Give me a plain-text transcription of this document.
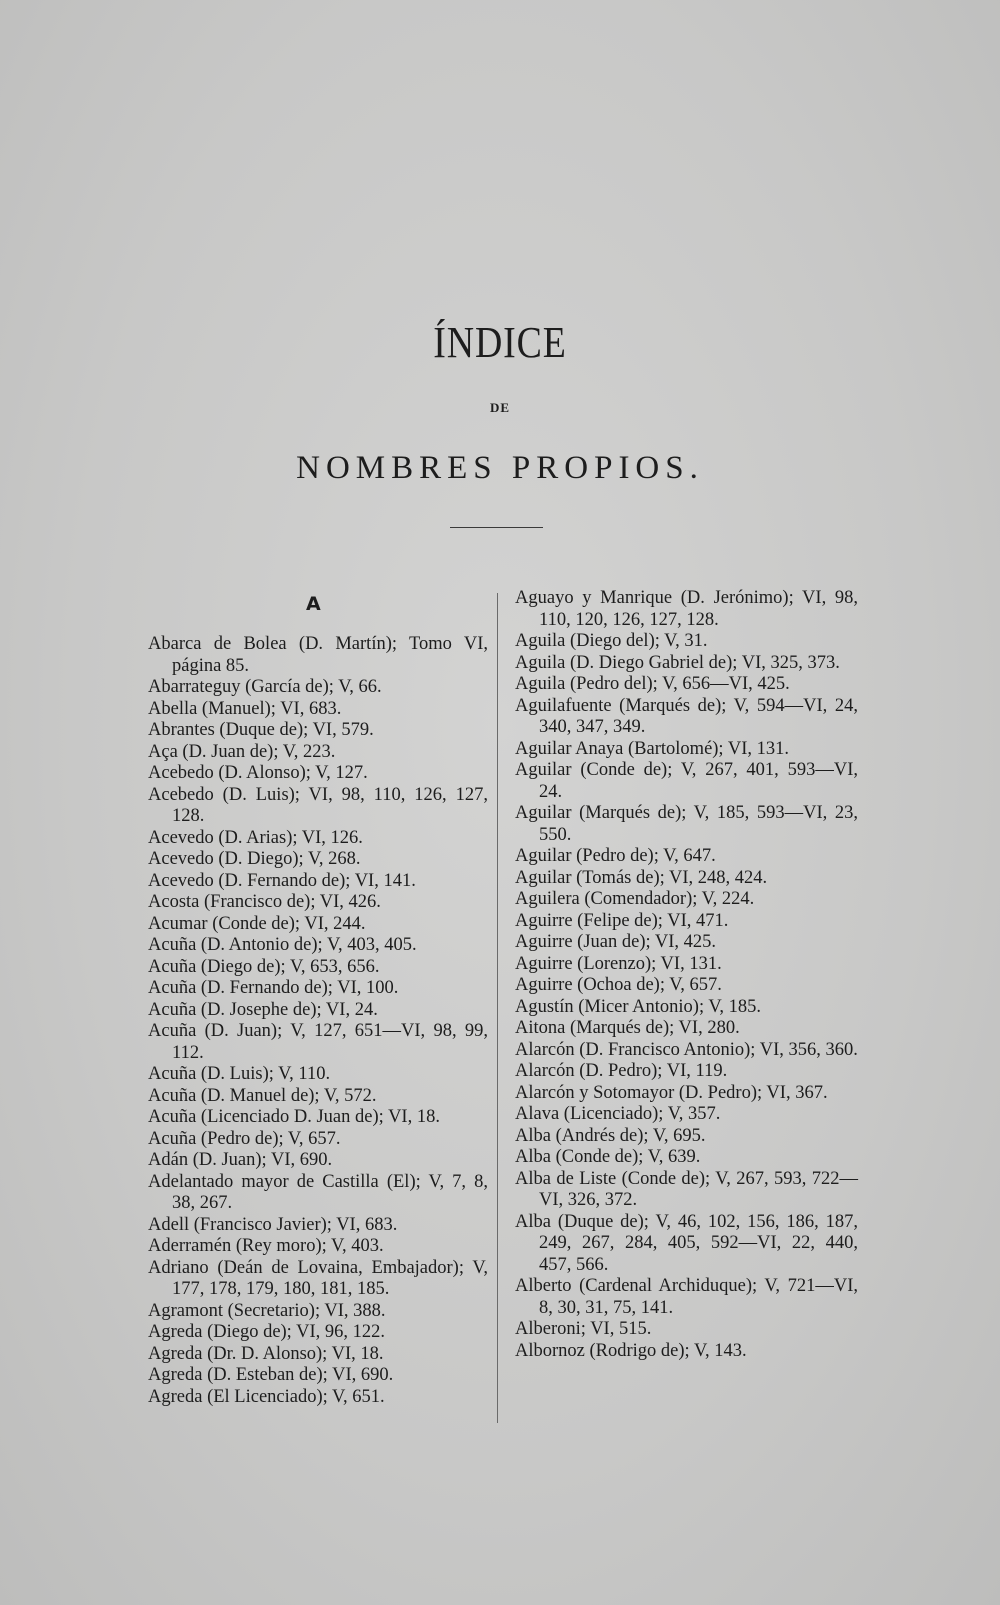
ÍNDICE
DE
NOMBRES PROPIOS.
A
Abarca de Bolea (D. Martín); Tomo VI, página 85.
Abarrateguy (García de); V, 66.
Abella (Manuel); VI, 683.
Abrantes (Duque de); VI, 579.
Aça (D. Juan de); V, 223.
Acebedo (D. Alonso); V, 127.
Acebedo (D. Luis); VI, 98, 110, 126, 127, 128.
Acevedo (D. Arias); VI, 126.
Acevedo (D. Diego); V, 268.
Acevedo (D. Fernando de); VI, 141.
Acosta (Francisco de); VI, 426.
Acumar (Conde de); VI, 244.
Acuña (D. Antonio de); V, 403, 405.
Acuña (Diego de); V, 653, 656.
Acuña (D. Fernando de); VI, 100.
Acuña (D. Josephe de); VI, 24.
Acuña (D. Juan); V, 127, 651—VI, 98, 99, 112.
Acuña (D. Luis); V, 110.
Acuña (D. Manuel de); V, 572.
Acuña (Licenciado D. Juan de); VI, 18.
Acuña (Pedro de); V, 657.
Adán (D. Juan); VI, 690.
Adelantado mayor de Castilla (El); V, 7, 8, 38, 267.
Adell (Francisco Javier); VI, 683.
Aderramén (Rey moro); V, 403.
Adriano (Deán de Lovaina, Embajador); V, 177, 178, 179, 180, 181, 185.
Agramont (Secretario); VI, 388.
Agreda (Diego de); VI, 96, 122.
Agreda (Dr. D. Alonso); VI, 18.
Agreda (D. Esteban de); VI, 690.
Agreda (El Licenciado); V, 651.
Aguayo y Manrique (D. Jerónimo); VI, 98, 110, 120, 126, 127, 128.
Aguila (Diego del); V, 31.
Aguila (D. Diego Gabriel de); VI, 325, 373.
Aguila (Pedro del); V, 656—VI, 425.
Aguilafuente (Marqués de); V, 594—VI, 24, 340, 347, 349.
Aguilar Anaya (Bartolomé); VI, 131.
Aguilar (Conde de); V, 267, 401, 593—VI, 24.
Aguilar (Marqués de); V, 185, 593—VI, 23, 550.
Aguilar (Pedro de); V, 647.
Aguilar (Tomás de); VI, 248, 424.
Aguilera (Comendador); V, 224.
Aguirre (Felipe de); VI, 471.
Aguirre (Juan de); VI, 425.
Aguirre (Lorenzo); VI, 131.
Aguirre (Ochoa de); V, 657.
Agustín (Micer Antonio); V, 185.
Aitona (Marqués de); VI, 280.
Alarcón (D. Francisco Antonio); VI, 356, 360.
Alarcón (D. Pedro); VI, 119.
Alarcón y Sotomayor (D. Pedro); VI, 367.
Alava (Licenciado); V, 357.
Alba (Andrés de); V, 695.
Alba (Conde de); V, 639.
Alba de Liste (Conde de); V, 267, 593, 722—VI, 326, 372.
Alba (Duque de); V, 46, 102, 156, 186, 187, 249, 267, 284, 405, 592—VI, 22, 440, 457, 566.
Alberto (Cardenal Archiduque); V, 721—VI, 8, 30, 31, 75, 141.
Alberoni; VI, 515.
Albornoz (Rodrigo de); V, 143.
